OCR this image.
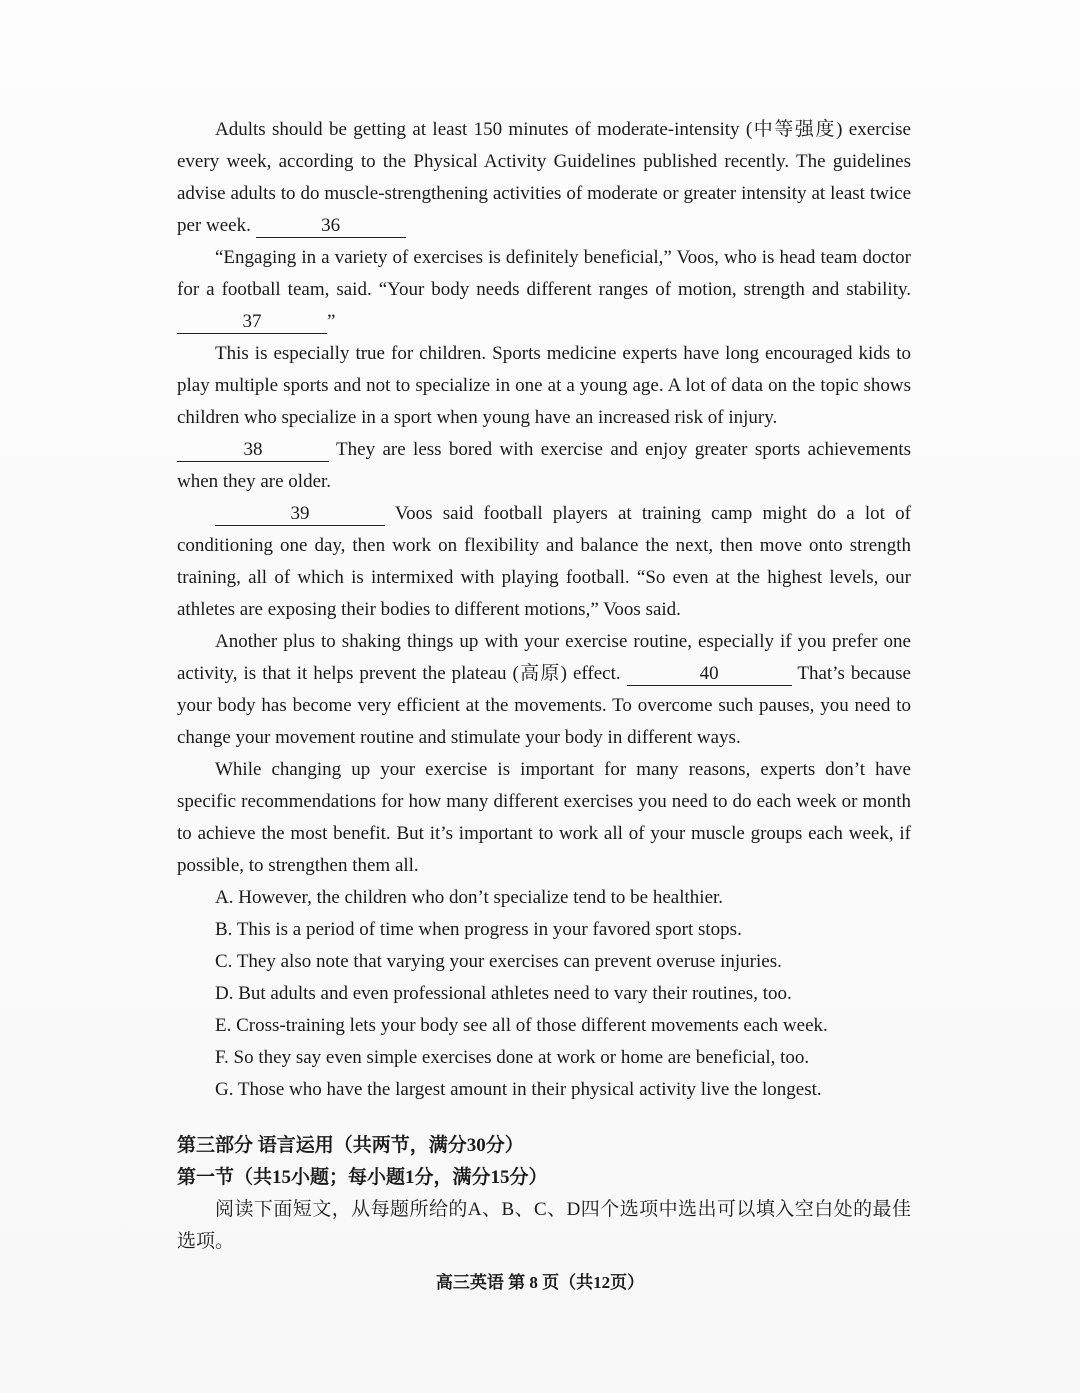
Adults should be getting at least 150 minutes of moderate-intensity (中等强度) exercise every week, according to the Physical Activity Guidelines published recently. The guidelines advise adults to do muscle-strengthening activities of moderate or greater intensity at least twice per week.	36

“Engaging in a variety of exercises is definitely beneficial,” Voos, who is head team doctor for a football team, said. “Your body needs different ranges of motion, strength and stability. 37	”

This is especially true for children. Sports medicine experts have long encouraged kids to play multiple sports and not to specialize in one at a young age. A lot of data on the topic shows children who specialize in a sport when young have an increased risk of injury.

38	They are less bored with exercise and enjoy greater sports achievements when they are older.

39	Voos said football players at training camp might do a lot of conditioning one day, then work on flexibility and balance the next, then move onto strength training, all of which is intermixed with playing football. “So even at the highest levels, our athletes are exposing their bodies to different motions,” Voos said.

Another plus to shaking things up with your exercise routine, especially if you prefer one activity, is that it helps prevent the plateau (高原) effect.	40	That’s because your body has become very efficient at the movements. To overcome such pauses, you need to change your movement routine and stimulate your body in different ways.

While changing up your exercise is important for many reasons, experts don’t have specific recommendations for how many different exercises you need to do each week or month to achieve the most benefit. But it’s important to work all of your muscle groups each week, if possible, to strengthen them all.

A. However, the children who don’t specialize tend to be healthier.
B. This is a period of time when progress in your favored sport stops.
C. They also note that varying your exercises can prevent overuse injuries.
D. But adults and even professional athletes need to vary their routines, too.
E. Cross-training lets your body see all of those different movements each week.
F. So they say even simple exercises done at work or home are beneficial, too.
G. Those who have the largest amount in their physical activity live the longest.
第三部分 语言运用（共两节，满分30分）
第一节（共15小题；每小题1分，满分15分）

阅读下面短文，从每题所给的A、B、C、D四个选项中选出可以填入空白处的最佳选项。

高三英语 第 8 页（共12页）
